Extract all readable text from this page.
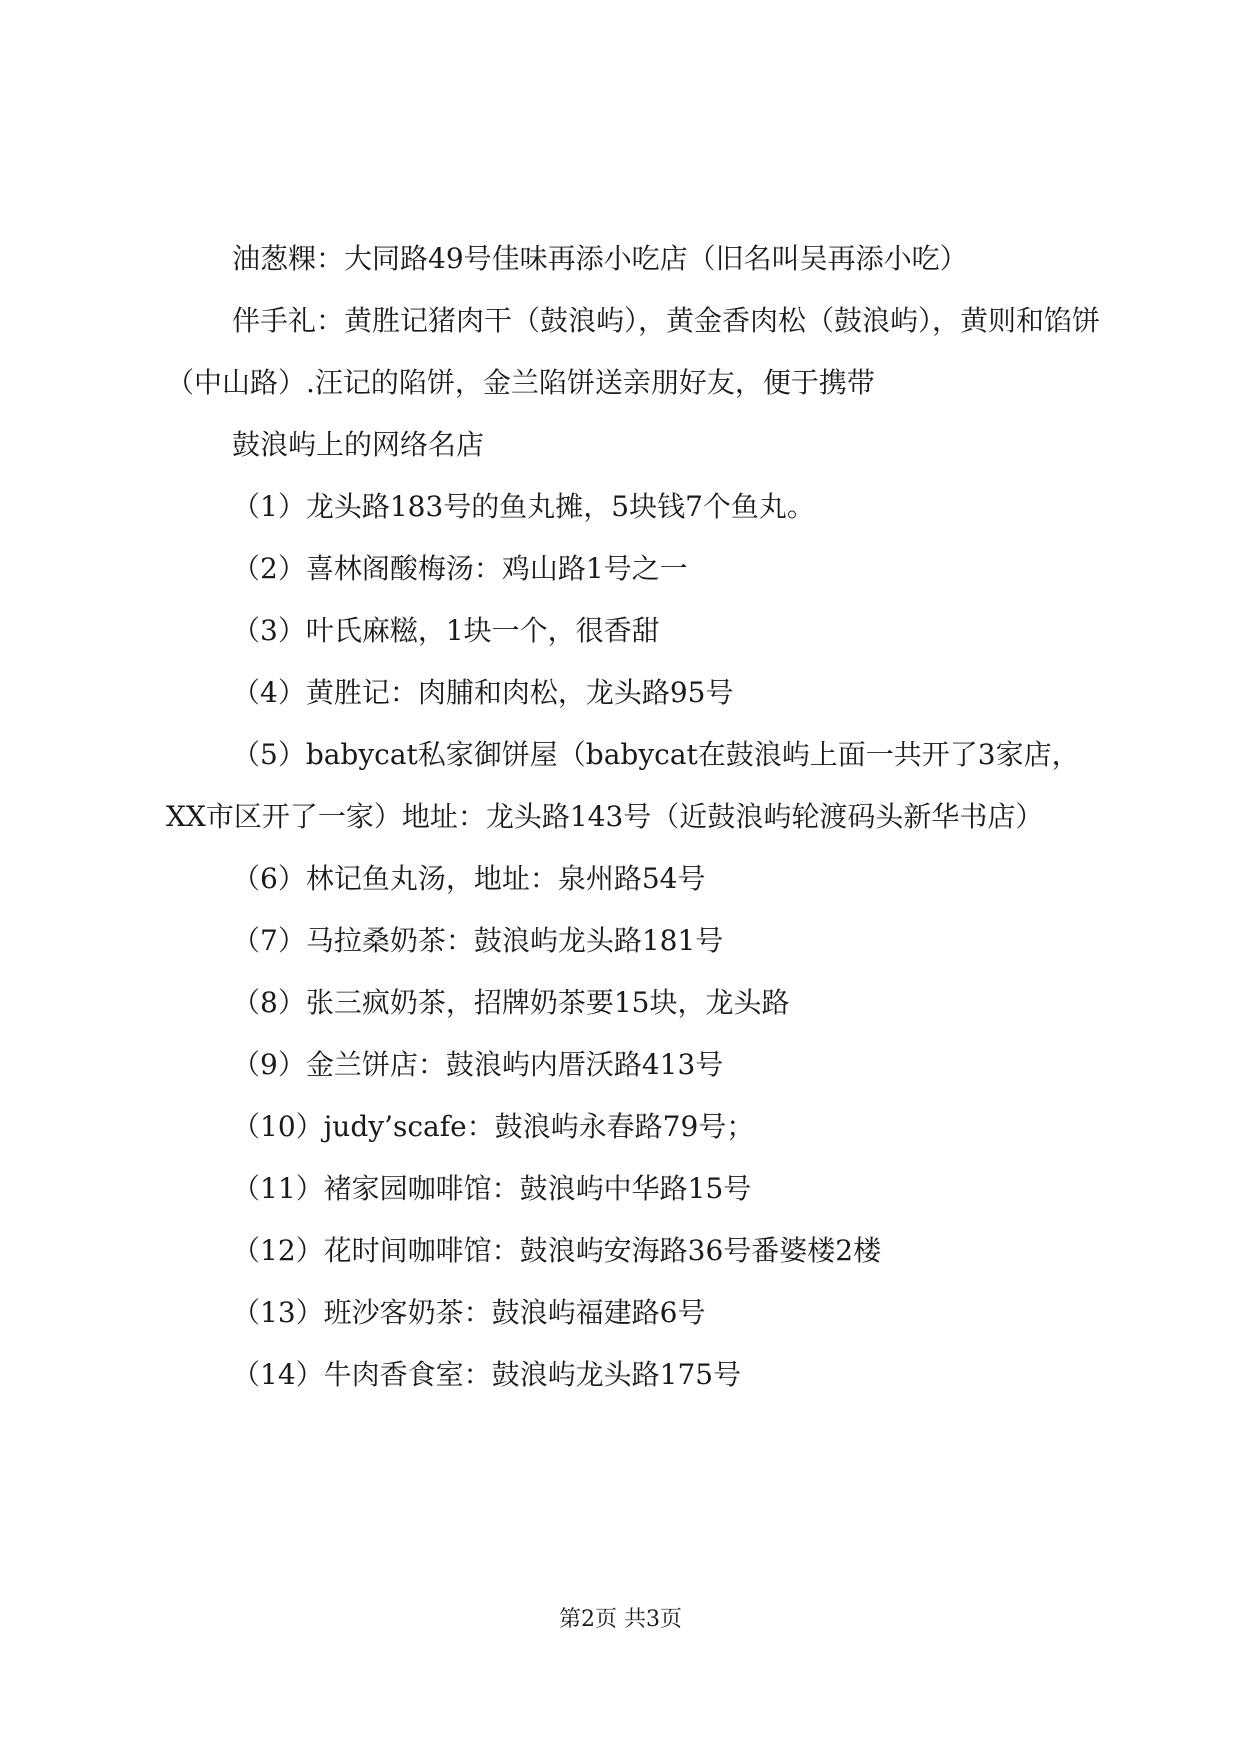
油葱粿：大同路49号佳味再添小吃店（旧名叫吴再添小吃）

伴手礼：黄胜记猪肉干（鼓浪屿），黄金香肉松（鼓浪屿），黄则和馅饼（中山路）.汪记的陷饼，金兰陷饼送亲朋好友，便于携带

鼓浪屿上的网络名店

（1）龙头路183号的鱼丸摊，5块钱7个鱼丸。
（2）喜林阁酸梅汤：鸡山路1号之一
（3）叶氏麻糍，1块一个，很香甜
（4）黄胜记：肉脯和肉松，龙头路95号
（5）babycat私家御饼屋（babycat在鼓浪屿上面一共开了3家店，XX市区开了一家）地址：龙头路143号（近鼓浪屿轮渡码头新华书店）
（6）林记鱼丸汤，地址：泉州路54号
（7）马拉桑奶茶：鼓浪屿龙头路181号
（8）张三疯奶茶，招牌奶茶要15块，龙头路
（9）金兰饼店：鼓浪屿内厝沃路413号
（10）judy’scafe：鼓浪屿永春路79号；
（11）褚家园咖啡馆：鼓浪屿中华路15号
（12）花时间咖啡馆：鼓浪屿安海路36号番婆楼2楼
（13）班沙客奶茶：鼓浪屿福建路6号
（14）牛肉香食室：鼓浪屿龙头路175号
第2页 共3页
